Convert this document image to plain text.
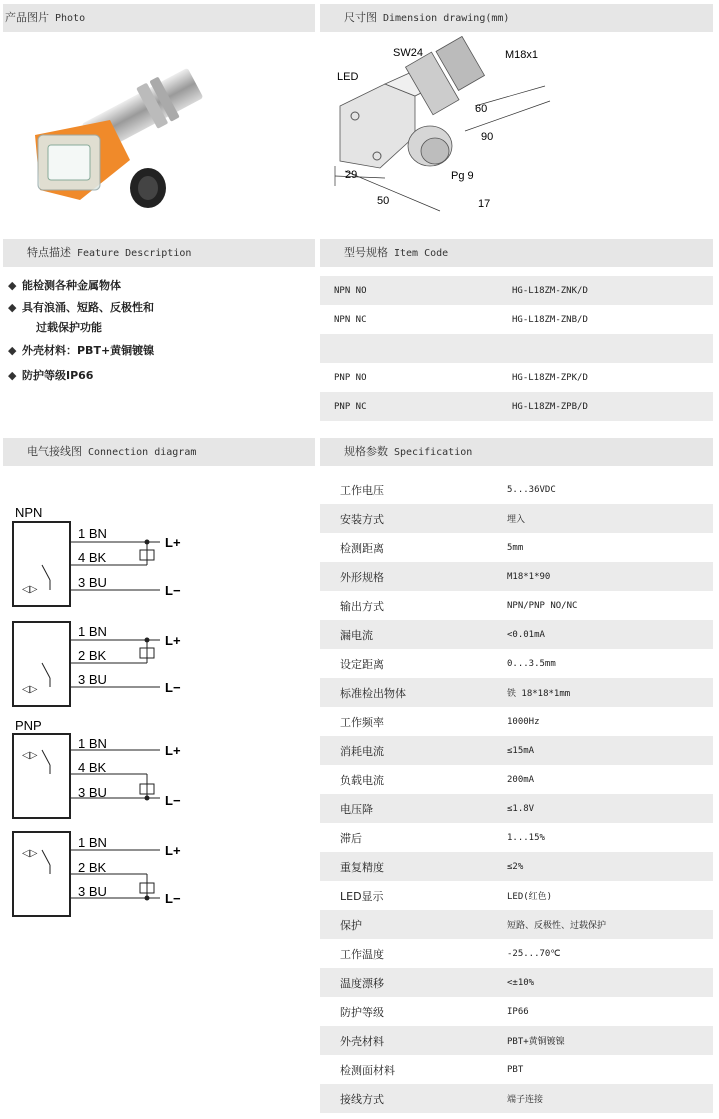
产品图片 Photo	尺寸图 Dimension drawing(mm)
SW24	M18x1
LED
60
90
29	Pg 9
50	17
特点描述 Feature Description	型号规格 Item Code
◆ 能检测各种金属物体
◆ 具有浪涌、短路、反极性和
过载保护功能
◆ 外壳材料：PBT+黄铜镀镍
◆ 防护等级IP66
NPN NO	HG-L18ZM-ZNK/D
NPN NC	HG-L18ZM-ZNB/D

PNP NO	HG-L18ZM-ZPK/D
PNP NC	HG-L18ZM-ZPB/D
电气接线图 Connection diagram	规格参数 Specification
◁▷
◁▷
◁▷
◁▷
NPN
PNP
1 BN
4 BK
3 BU
1 BN
2 BK
3 BU
1 BN
4 BK
3 BU
1 BN
2 BK
3 BU
L+
L−
L+
L−
L+
L−
L+
L−
工作电压	5...36VDC
安装方式	埋入
检测距离	5mm
外形规格	M18*1*90
输出方式	NPN/PNP NO/NC
漏电流	<0.01mA
设定距离	0...3.5mm
标准检出物体	铁 18*18*1mm
工作频率	1000Hz
消耗电流	≤15mA
负载电流	200mA
电压降	≤1.8V
滞后	1...15%
重复精度	≤2%
LED显示	LED(红色)
保护	短路、反极性、过载保护
工作温度	-25...70℃
温度漂移	<±10%
防护等级	IP66
外壳材料	PBT+黄铜镀镍
检测面材料	PBT
接线方式	端子连接
